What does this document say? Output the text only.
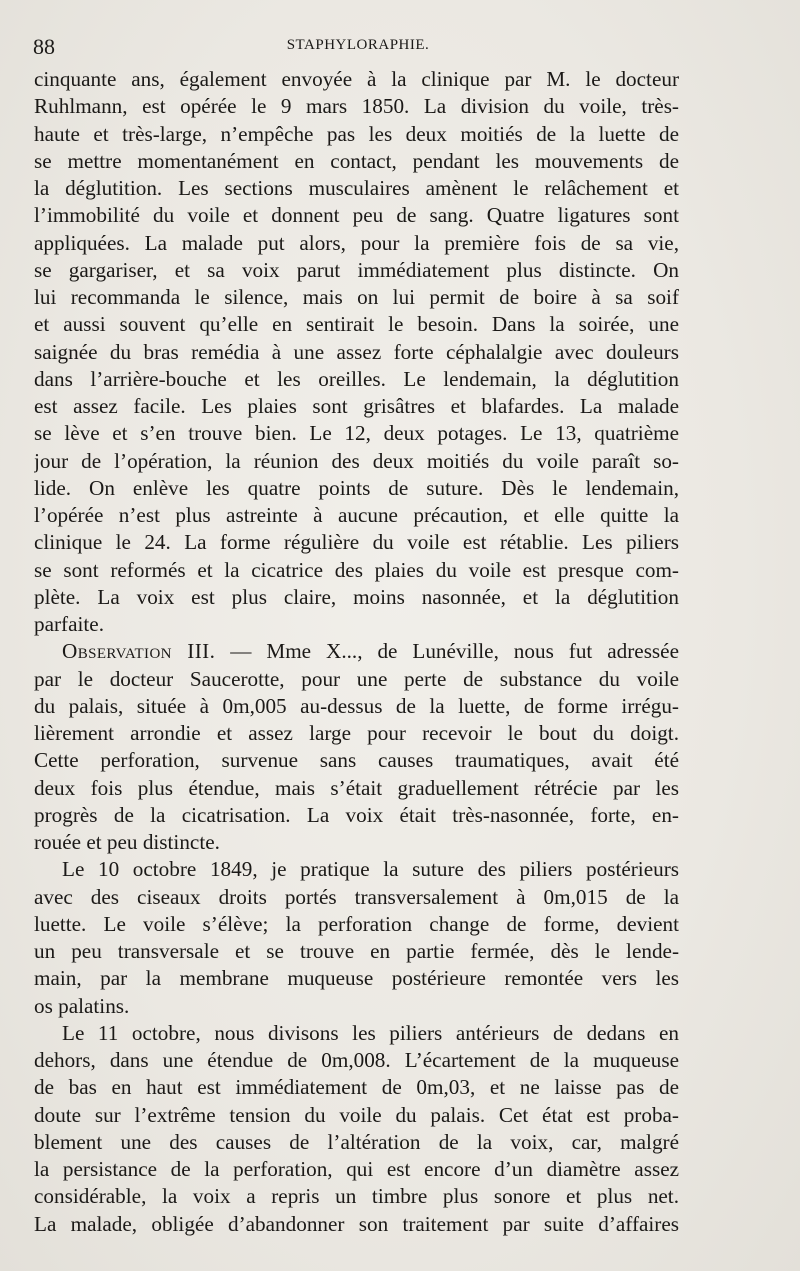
88	STAPHYLORAPHIE.
cinquante ans, également envoyée à la clinique par M. le docteur
Ruhlmann, est opérée le 9 mars 1850. La division du voile, très-
haute et très-large, n’empêche pas les deux moitiés de la luette de
se mettre momentanément en contact, pendant les mouvements de
la déglutition. Les sections musculaires amènent le relâchement et
l’immobilité du voile et donnent peu de sang. Quatre ligatures sont
appliquées. La malade put alors, pour la première fois de sa vie,
se gargariser, et sa voix parut immédiatement plus distincte. On
lui recommanda le silence, mais on lui permit de boire à sa soif
et aussi souvent qu’elle en sentirait le besoin. Dans la soirée, une
saignée du bras remédia à une assez forte céphalalgie avec douleurs
dans l’arrière-bouche et les oreilles. Le lendemain, la déglutition
est assez facile. Les plaies sont grisâtres et blafardes. La malade
se lève et s’en trouve bien. Le 12, deux potages. Le 13, quatrième
jour de l’opération, la réunion des deux moitiés du voile paraît so-
lide. On enlève les quatre points de suture. Dès le lendemain,
l’opérée n’est plus astreinte à aucune précaution, et elle quitte la
clinique le 24. La forme régulière du voile est rétablie. Les piliers
se sont reformés et la cicatrice des plaies du voile est presque com-
plète. La voix est plus claire, moins nasonnée, et la déglutition
parfaite.
Observation III. — Mme X..., de Lunéville, nous fut adressée
par le docteur Saucerotte, pour une perte de substance du voile
du palais, située à 0m,005 au-dessus de la luette, de forme irrégu-
lièrement arrondie et assez large pour recevoir le bout du doigt.
Cette perforation, survenue sans causes traumatiques, avait été
deux fois plus étendue, mais s’était graduellement rétrécie par les
progrès de la cicatrisation. La voix était très-nasonnée, forte, en-
rouée et peu distincte.
Le 10 octobre 1849, je pratique la suture des piliers postérieurs
avec des ciseaux droits portés transversalement à 0m,015 de la
luette. Le voile s’élève; la perforation change de forme, devient
un peu transversale et se trouve en partie fermée, dès le lende-
main, par la membrane muqueuse postérieure remontée vers les
os palatins.
Le 11 octobre, nous divisons les piliers antérieurs de dedans en
dehors, dans une étendue de 0m,008. L’écartement de la muqueuse
de bas en haut est immédiatement de 0m,03, et ne laisse pas de
doute sur l’extrême tension du voile du palais. Cet état est proba-
blement une des causes de l’altération de la voix, car, malgré
la persistance de la perforation, qui est encore d’un diamètre assez
considérable, la voix a repris un timbre plus sonore et plus net.
La malade, obligée d’abandonner son traitement par suite d’affaires
